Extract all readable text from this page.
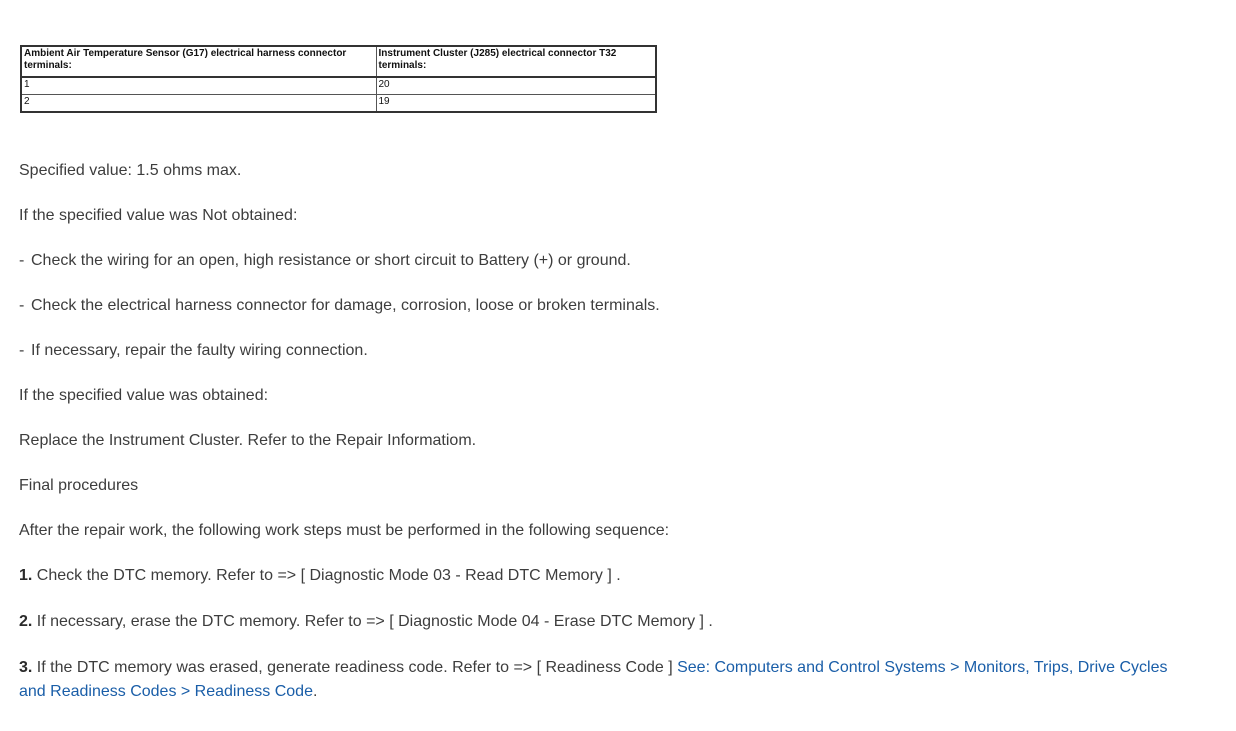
Ambient Air Temperature Sensor (G17) electrical harness connector terminals:	Instrument Cluster (J285) electrical connector T32 terminals:
1	20
2	19
Specified value: 1.5 ohms max.
If the specified value was Not obtained:
- Check the wiring for an open, high resistance or short circuit to Battery (+) or ground.
- Check the electrical harness connector for damage, corrosion, loose or broken terminals.
- If necessary, repair the faulty wiring connection.
If the specified value was obtained:
Replace the Instrument Cluster. Refer to the Repair Informatiom.
Final procedures
After the repair work, the following work steps must be performed in the following sequence:
1. Check the DTC memory. Refer to => [ Diagnostic Mode 03 - Read DTC Memory ] .
2. If necessary, erase the DTC memory. Refer to => [ Diagnostic Mode 04 - Erase DTC Memory ] .
3. If the DTC memory was erased, generate readiness code. Refer to => [ Readiness Code ] See: Computers and Control Systems > Monitors, Trips, Drive Cycles and Readiness Codes > Readiness Code.
